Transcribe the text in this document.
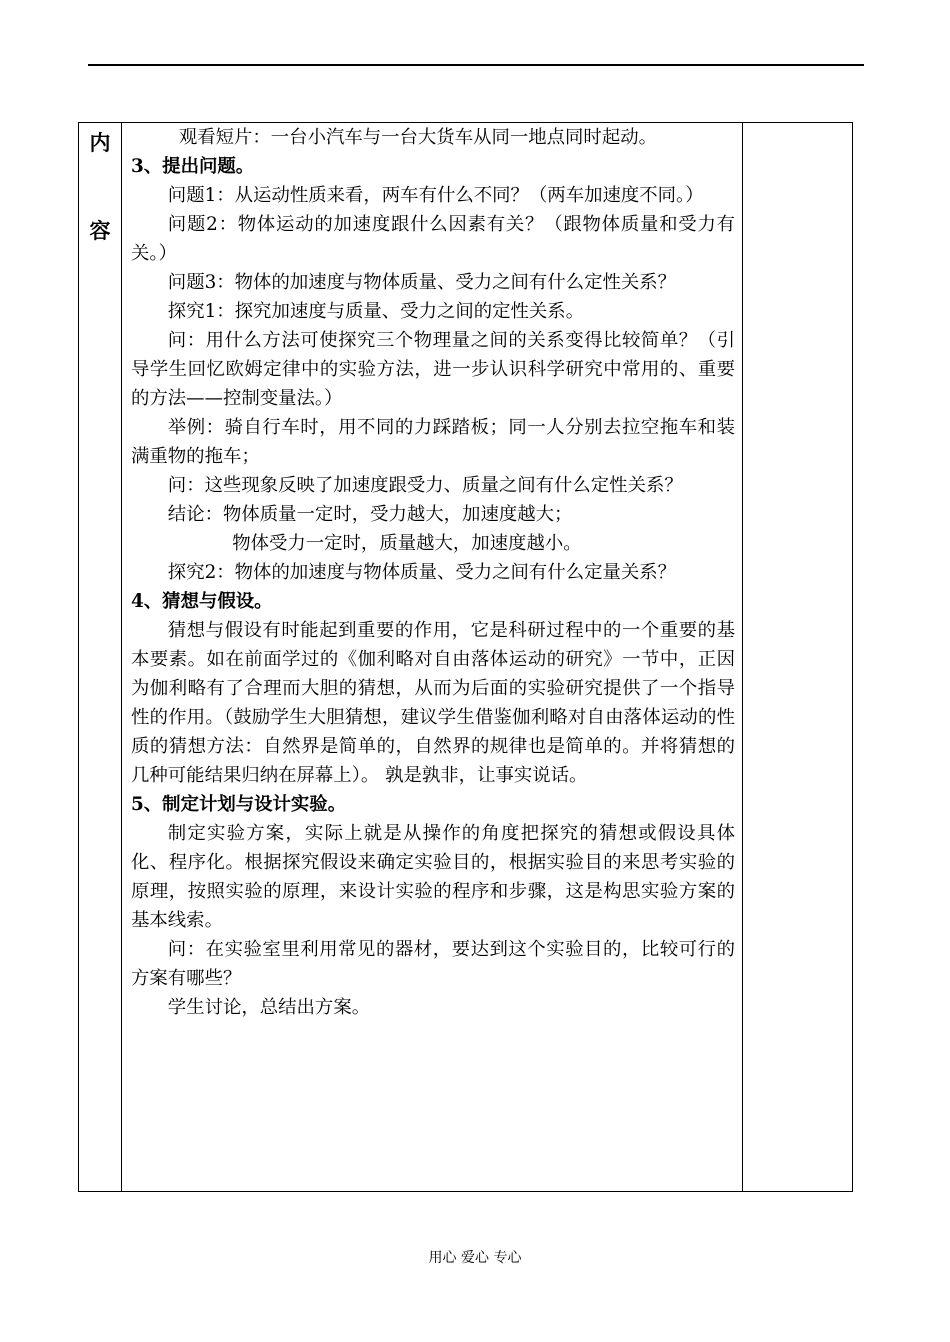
内
容

观看短片：一台小汽车与一台大货车从同一地点同时起动。

3、提出问题。

问题1：从运动性质来看，两车有什么不同？（两车加速度不同。）

问题2：物体运动的加速度跟什么因素有关？（跟物体质量和受力有关。）

问题3：物体的加速度与物体质量、受力之间有什么定性关系？

探究1：探究加速度与质量、受力之间的定性关系。

问：用什么方法可使探究三个物理量之间的关系变得比较简单？（引导学生回忆欧姆定律中的实验方法，进一步认识科学研究中常用的、重要的方法——控制变量法。）

举例：骑自行车时，用不同的力踩踏板；同一人分别去拉空拖车和装满重物的拖车；

问：这些现象反映了加速度跟受力、质量之间有什么定性关系？

结论：物体质量一定时，受力越大，加速度越大；

物体受力一定时，质量越大，加速度越小。

探究2：物体的加速度与物体质量、受力之间有什么定量关系？

4、猜想与假设。

猜想与假设有时能起到重要的作用，它是科研过程中的一个重要的基本要素。如在前面学过的《伽利略对自由落体运动的研究》一节中，正因为伽利略有了合理而大胆的猜想，从而为后面的实验研究提供了一个指导性的作用。（鼓励学生大胆猜想，建议学生借鉴伽利略对自由落体运动的性质的猜想方法：自然界是简单的，自然界的规律也是简单的。并将猜想的几种可能结果归纳在屏幕上）。 孰是孰非，让事实说话。

5、制定计划与设计实验。

制定实验方案，实际上就是从操作的角度把探究的猜想或假设具体化、程序化。根据探究假设来确定实验目的，根据实验目的来思考实验的原理，按照实验的原理，来设计实验的程序和步骤，这是构思实验方案的基本线索。

问：在实验室里利用常见的器材，要达到这个实验目的，比较可行的方案有哪些？

学生讨论，总结出方案。

用心 爱心 专心
